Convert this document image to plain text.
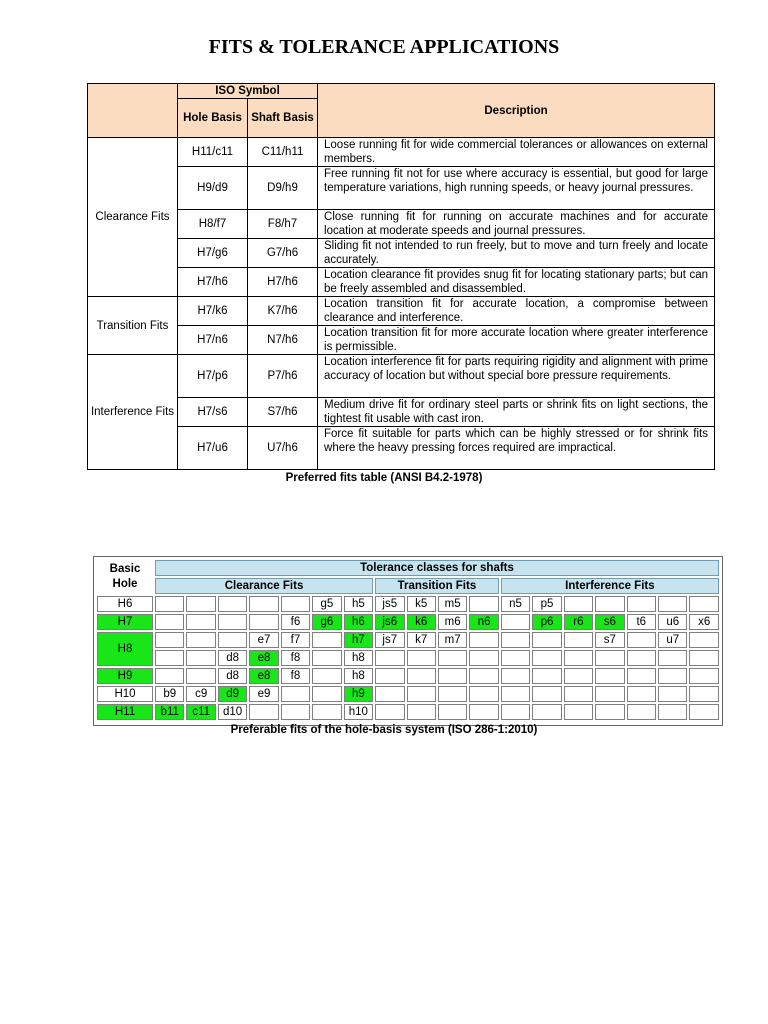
FITS & TOLERANCE APPLICATIONS
	ISO Symbol		Description
	Hole Basis	Shaft Basis	
Clearance Fits	H11/c11	C11/h11	Loose running fit for wide commercial tolerances or allowances on external members.
	H9/d9	D9/h9	Free running fit not for use where accuracy is essential, but good for large temperature variations, high running speeds, or heavy journal pressures.
	H8/f7	F8/h7	Close running fit for running on accurate machines and for accurate location at moderate speeds and journal pressures.
	H7/g6	G7/h6	Sliding fit not intended to run freely, but to move and turn freely and locate accurately.
	H7/h6	H7/h6	Location clearance fit provides snug fit for locating stationary parts; but can be freely assembled and disassembled.
Transition Fits	H7/k6	K7/h6	Location transition fit for accurate location, a compromise between clearance and interference.
	H7/n6	N7/h6	Location transition fit for more accurate location where greater interference is permissible.
Interference Fits	H7/p6	P7/h6	Location interference fit for parts requiring rigidity and alignment with prime accuracy of location but without special bore pressure requirements.
	H7/s6	S7/h6	Medium drive fit for ordinary steel parts or shrink fits on light sections, the tightest fit usable with cast iron.
	H7/u6	U7/h6	Force fit suitable for parts which can be highly stressed or for shrink fits where the heavy pressing forces required are impractical.
Preferred fits table (ANSI B4.2-1978)
Basic Hole	Tolerance classes for shafts																	
	Clearance Fits							Transition Fits				Interference Fits						
H6						g5	h5	js5	k5	m5		n5	p5					
H7					f6	g6	h6	js6	k6	m6	n6		p6	r6	s6	t6	u6	x6
H8				e7	f7		h7	js7	k7	m7					s7		u7	
			d8	e8	f8		h8											
H9			d8	e8	f8		h8											
H10	b9	c9	d9	e9			h9											
H11	b11	c11	d10				h10											
Preferable fits of the hole-basis system (ISO 286-1:2010)
